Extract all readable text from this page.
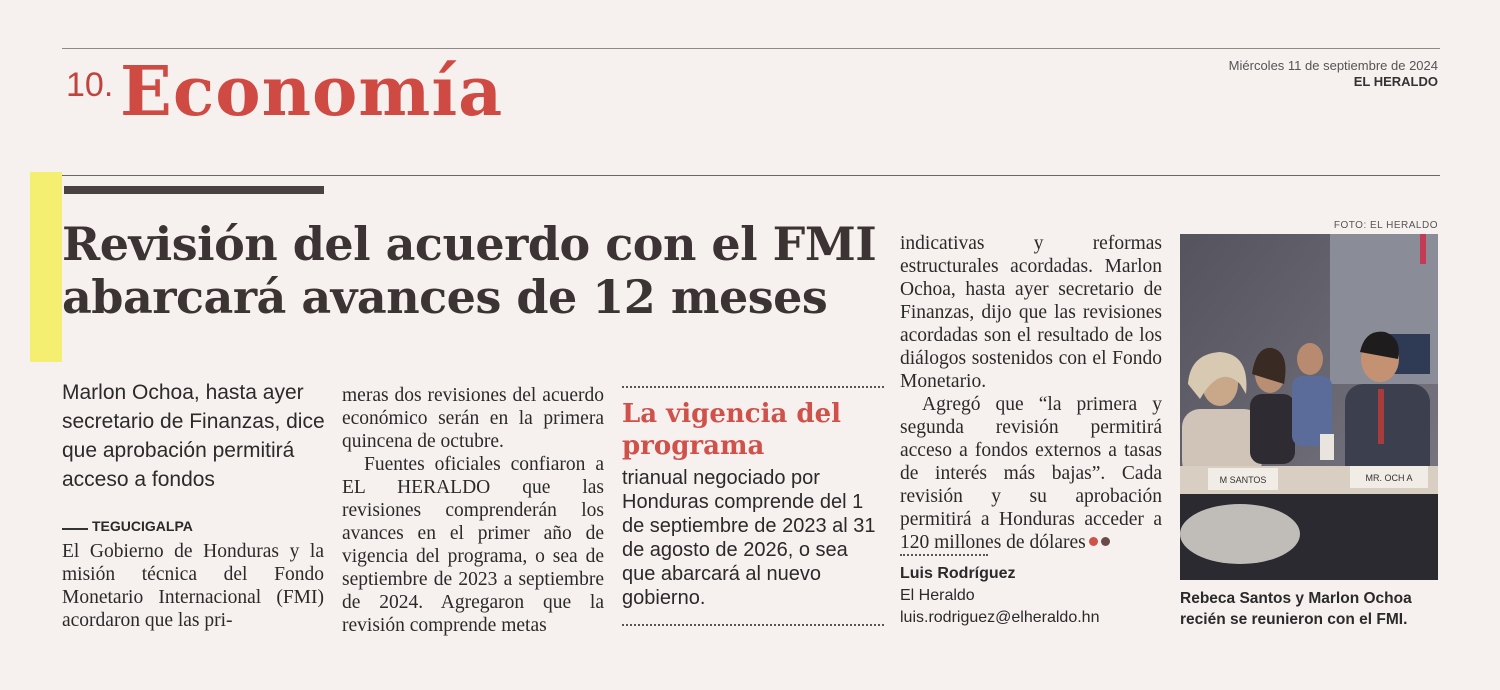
10. Economía	Miércoles 11 de septiembre de 2024
EL HERALDO
Revisión del acuerdo con el FMI abarcará avances de 12 meses
Marlon Ochoa, hasta ayer secretario de Finanzas, dice que aprobación permitirá acceso a fondos
TEGUCIGALPA
El Gobierno de Honduras y la misión técnica del Fondo Monetario Internacional (FMI) acordaron que las pri-
meras dos revisiones del acuerdo económico serán en la primera quincena de octubre.
Fuentes oficiales confiaron a EL HERALDO que las revisiones comprenderán los avances en el primer año de vigencia del programa, o sea de septiembre de 2023 a septiembre de 2024. Agregaron que la revisión comprende metas
La vigencia del programa
trianual negociado por Honduras comprende del 1 de septiembre de 2023 al 31 de agosto de 2026, o sea que abarcará al nuevo gobierno.
indicativas y reformas estructurales acordadas. Marlon Ochoa, hasta ayer secretario de Finanzas, dijo que las revisiones acordadas son el resultado de los diálogos sostenidos con el Fondo Monetario.
Agregó que “la primera y segunda revisión permitirá acceso a fondos externos a tasas de interés más bajas”. Cada revisión y su aprobación permitirá a Honduras acceder a 120 millones de dólares
Luis Rodríguez
El Heraldo
luis.rodriguez@elheraldo.hn
FOTO: EL HERALDO
M SANTOS	MR. OCH A
Rebeca Santos y Marlon Ochoa recién se reunieron con el FMI.
